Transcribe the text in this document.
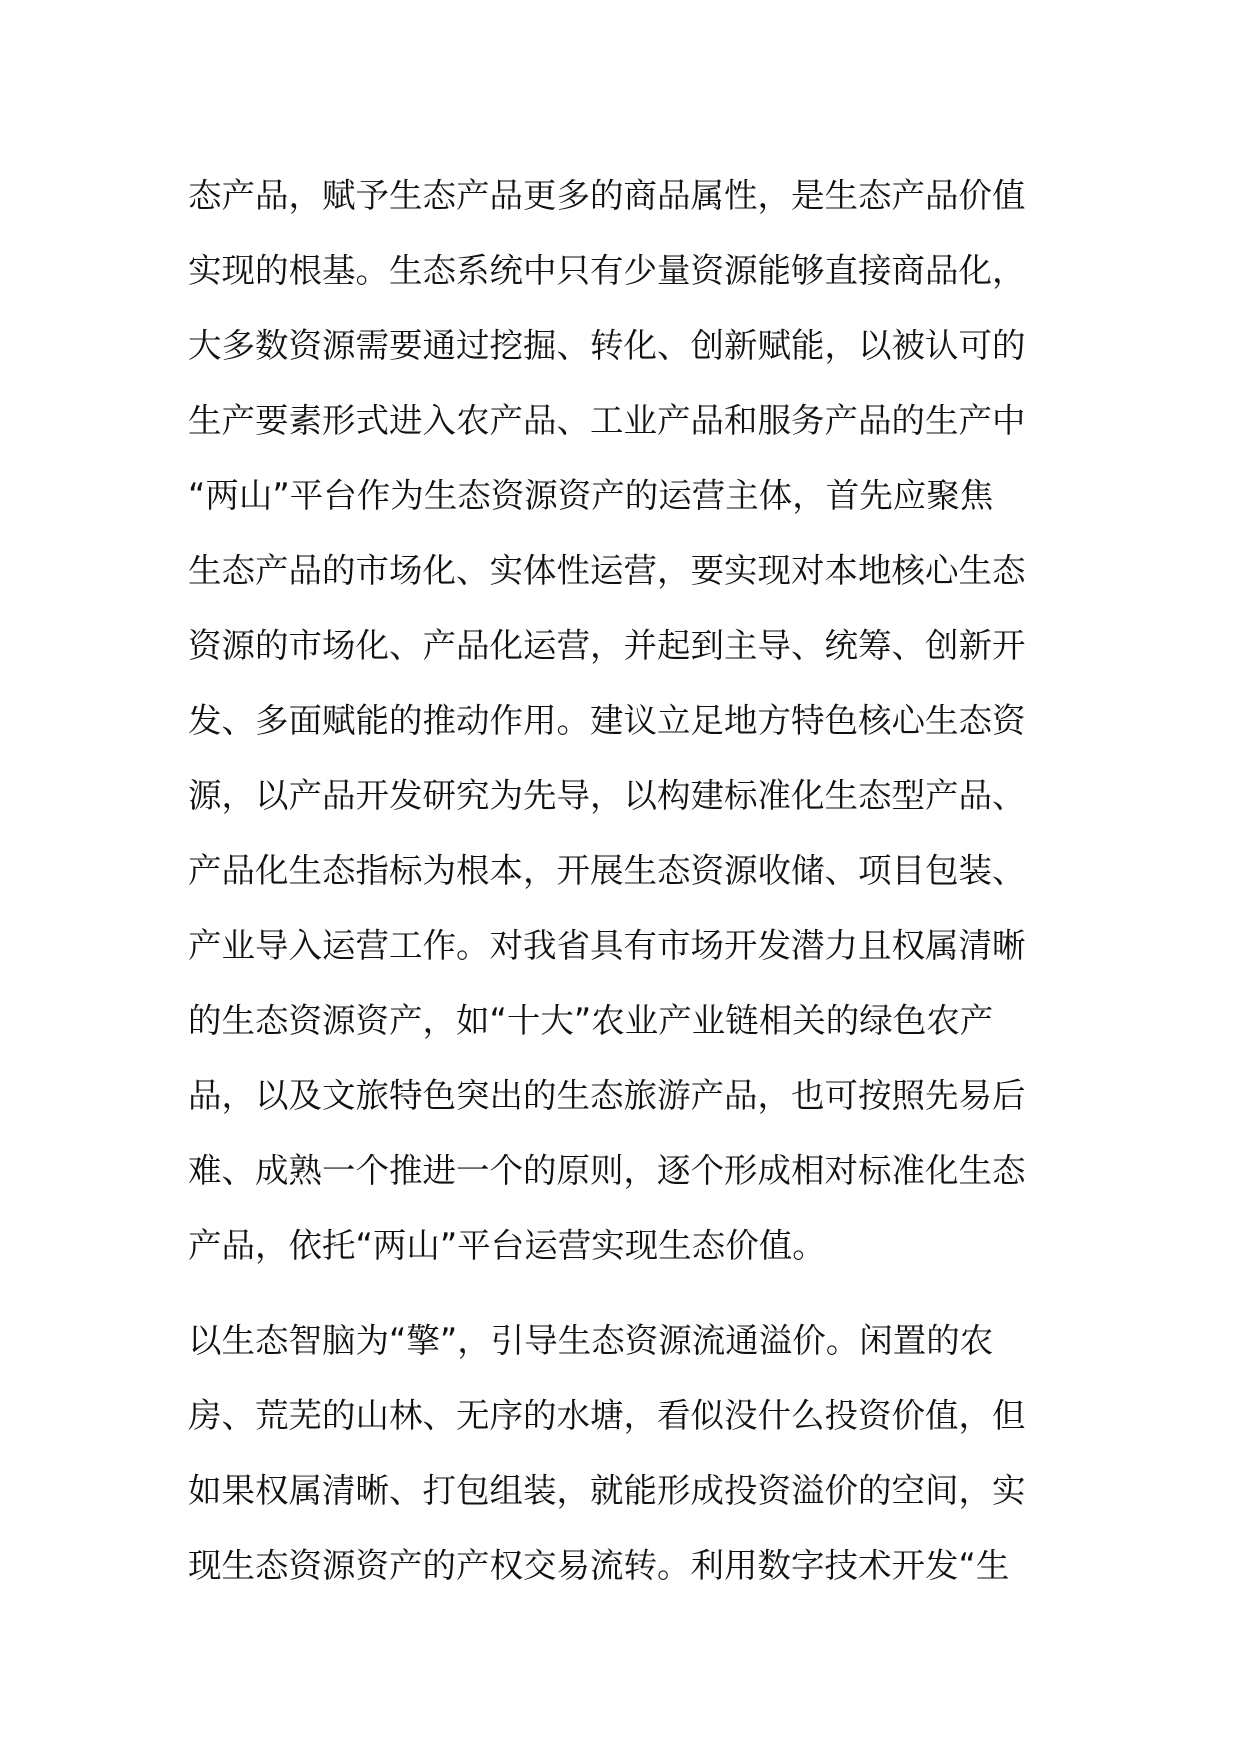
态产品，赋予生态产品更多的商品属性，是生态产品价值
实现的根基。生态系统中只有少量资源能够直接商品化，
大多数资源需要通过挖掘、转化、创新赋能，以被认可的
生产要素形式进入农产品、工业产品和服务产品的生产中
“两山”平台作为生态资源资产的运营主体，首先应聚焦
生态产品的市场化、实体性运营，要实现对本地核心生态
资源的市场化、产品化运营，并起到主导、统筹、创新开
发、多面赋能的推动作用。建议立足地方特色核心生态资
源，以产品开发研究为先导，以构建标准化生态型产品、
产品化生态指标为根本，开展生态资源收储、项目包装、
产业导入运营工作。对我省具有市场开发潜力且权属清晰
的生态资源资产，如“十大”农业产业链相关的绿色农产
品，以及文旅特色突出的生态旅游产品，也可按照先易后
难、成熟一个推进一个的原则，逐个形成相对标准化生态
产品，依托“两山”平台运营实现生态价值。
以生态智脑为“擎”，引导生态资源流通溢价。闲置的农
房、荒芜的山林、无序的水塘，看似没什么投资价值，但
如果权属清晰、打包组装，就能形成投资溢价的空间，实
现生态资源资产的产权交易流转。利用数字技术开发“生
